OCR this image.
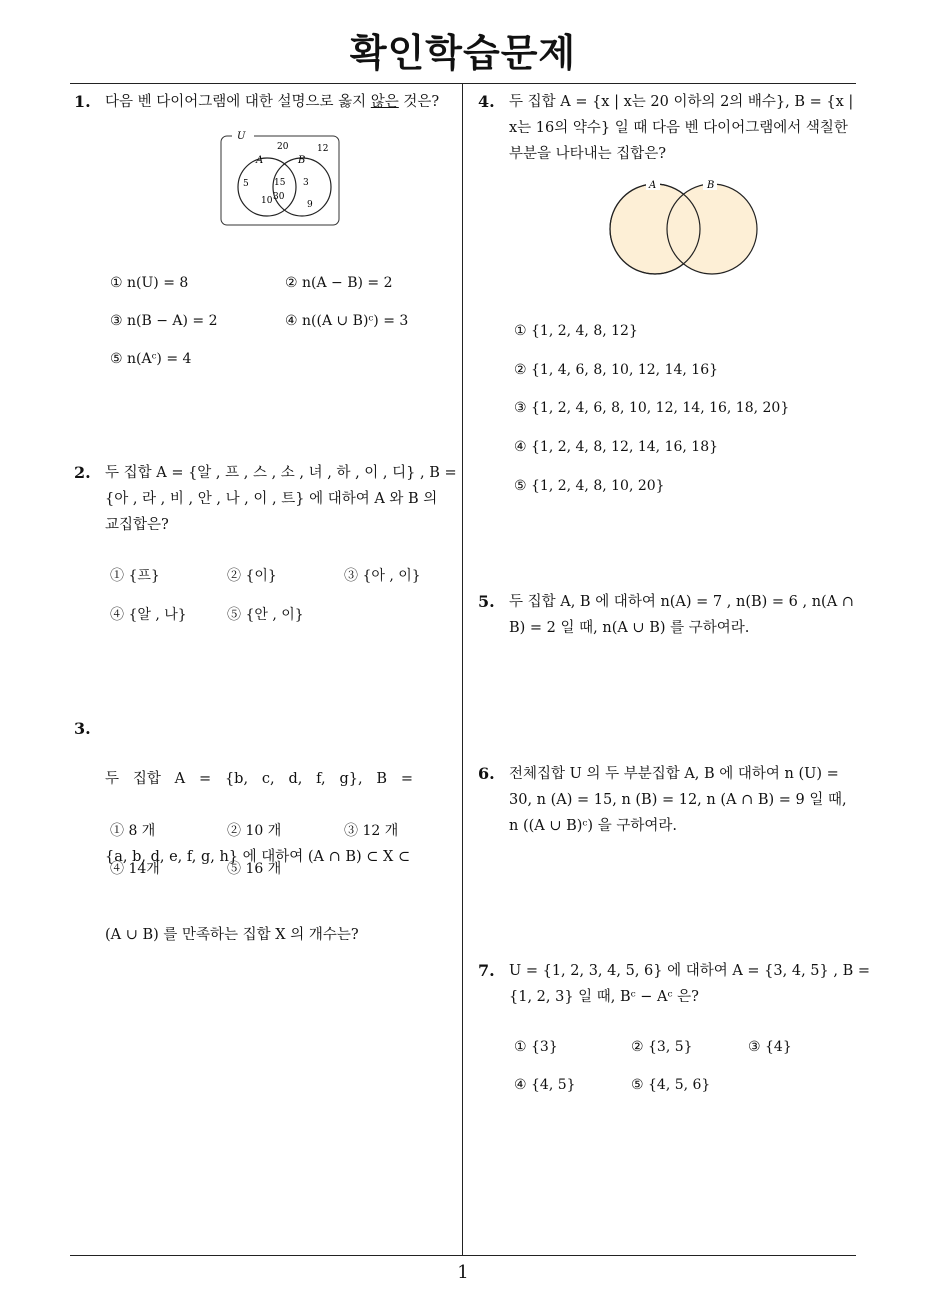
확인학습문제
1
1. 다음 벤 다이어그램에 대한 설명으로 옳지 않은 것은?
U
A	B
20	12
5	15 3
10 30
9
① n(U) = 8	② n(A − B) = 2
③ n(B − A) = 2	④ n((A ∪ B)ᶜ) = 3
⑤ n(Aᶜ) = 4
2. 두 집합 A = {알 , 프 , 스 , 소 , 녀 , 하 , 이 , 디} , B =
{아 , 라 , 비 , 안 , 나 , 이 , 트} 에 대하여 A 와 B 의
교집합은?
① {프}	② {이}	③ {아 , 이}
④ {알 , 나}	⑤ {안 , 이}
3.

두   집합   A   =   {b,   c,   d,   f,   g},   B   =

{a, b, d, e, f, g, h} 에 대하여 (A ∩ B) ⊂ X ⊂

(A ∪ B) 를 만족하는 집합 X 의 개수는?

① 8 개	② 10 개	③ 12 개
④ 14개	⑤ 16 개
4. 두 집합 A = {x | x는 20 이하의 2의 배수}, B = {x |
x는 16의 약수} 일 때 다음 벤 다이어그램에서 색칠한
부분을 나타내는 집합은?
A	B
① {1, 2, 4, 8, 12}
② {1, 4, 6, 8, 10, 12, 14, 16}
③ {1, 2, 4, 6, 8, 10, 12, 14, 16, 18, 20}
④ {1, 2, 4, 8, 12, 14, 16, 18}
⑤ {1, 2, 4, 8, 10, 20}
5. 두 집합 A, B 에 대하여 n(A) = 7 , n(B) = 6 , n(A ∩
B) = 2 일 때, n(A ∪ B) 를 구하여라.
6. 전체집합 U 의 두 부분집합 A, B 에 대하여 n (U) =
30, n (A) = 15, n (B) = 12, n (A ∩ B) = 9 일 때,
n ((A ∪ B)ᶜ) 을 구하여라.
7. U = {1, 2, 3, 4, 5, 6} 에 대하여 A = {3, 4, 5} , B =
{1, 2, 3} 일 때, Bᶜ − Aᶜ 은?
① {3}	② {3, 5}	③ {4}
④ {4, 5}	⑤ {4, 5, 6}
